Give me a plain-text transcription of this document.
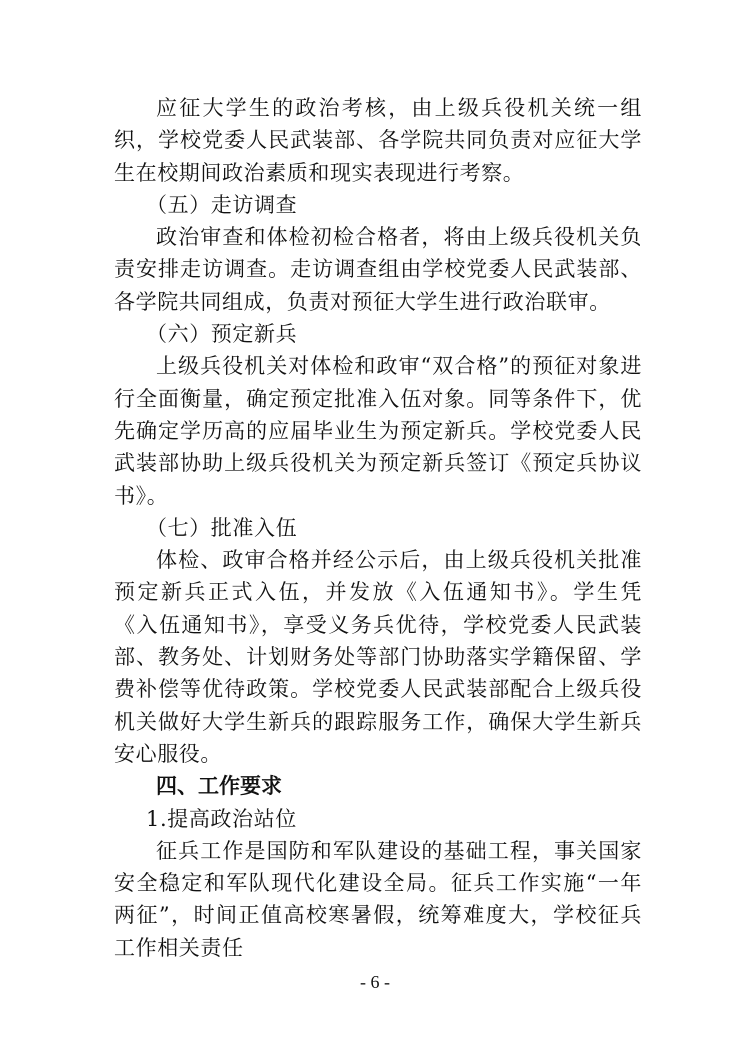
应征大学生的政治考核，由上级兵役机关统一组织，学校党委人民武装部、各学院共同负责对应征大学生在校期间政治素质和现实表现进行考察。

（五）走访调查

政治审查和体检初检合格者，将由上级兵役机关负责安排走访调查。走访调查组由学校党委人民武装部、各学院共同组成，负责对预征大学生进行政治联审。

（六）预定新兵

上级兵役机关对体检和政审“双合格”的预征对象进行全面衡量，确定预定批准入伍对象。同等条件下，优先确定学历高的应届毕业生为预定新兵。学校党委人民武装部协助上级兵役机关为预定新兵签订《预定兵协议书》。

（七）批准入伍

体检、政审合格并经公示后，由上级兵役机关批准预定新兵正式入伍，并发放《入伍通知书》。学生凭《入伍通知书》，享受义务兵优待，学校党委人民武装部、教务处、计划财务处等部门协助落实学籍保留、学费补偿等优待政策。学校党委人民武装部配合上级兵役机关做好大学生新兵的跟踪服务工作，确保大学生新兵安心服役。

四、工作要求

1.提高政治站位

征兵工作是国防和军队建设的基础工程，事关国家安全稳定和军队现代化建设全局。征兵工作实施“一年两征”，时间正值高校寒暑假，统筹难度大，学校征兵工作相关责任

- 6 -
